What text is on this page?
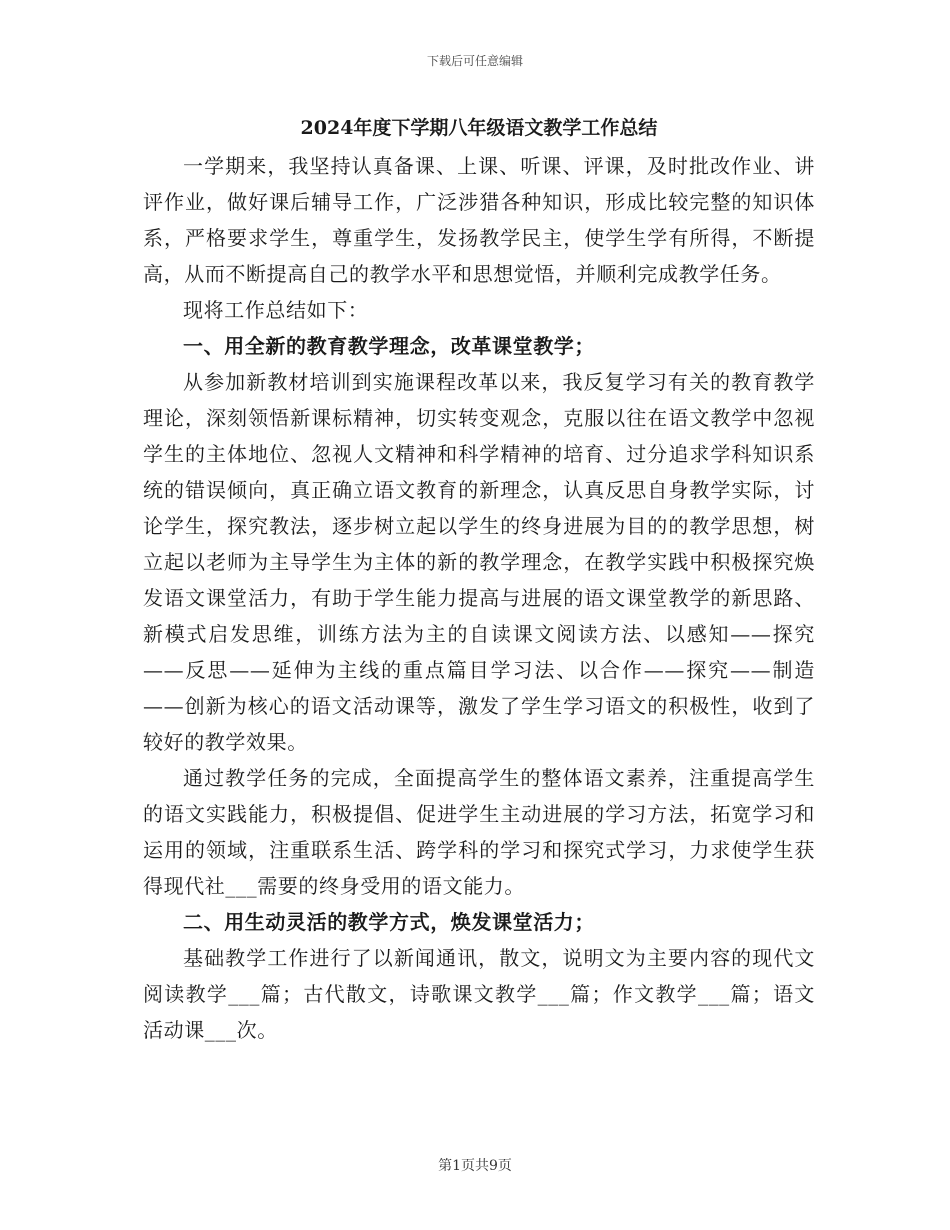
下载后可任意编辑
2024年度下学期八年级语文教学工作总结

一学期来，我坚持认真备课、上课、听课、评课，及时批改作业、讲评作业，做好课后辅导工作，广泛涉猎各种知识，形成比较完整的知识体系，严格要求学生，尊重学生，发扬教学民主，使学生学有所得，不断提高，从而不断提高自己的教学水平和思想觉悟，并顺利完成教学任务。

现将工作总结如下：

一、用全新的教育教学理念，改革课堂教学；

从参加新教材培训到实施课程改革以来，我反复学习有关的教育教学理论，深刻领悟新课标精神，切实转变观念，克服以往在语文教学中忽视学生的主体地位、忽视人文精神和科学精神的培育、过分追求学科知识系统的错误倾向，真正确立语文教育的新理念，认真反思自身教学实际，讨论学生，探究教法，逐步树立起以学生的终身进展为目的的教学思想，树立起以老师为主导学生为主体的新的教学理念，在教学实践中积极探究焕发语文课堂活力，有助于学生能力提高与进展的语文课堂教学的新思路、新模式启发思维，训练方法为主的自读课文阅读方法、以感知——探究——反思——延伸为主线的重点篇目学习法、以合作——探究——制造——创新为核心的语文活动课等，激发了学生学习语文的积极性，收到了较好的教学效果。

通过教学任务的完成，全面提高学生的整体语文素养，注重提高学生的语文实践能力，积极提倡、促进学生主动进展的学习方法，拓宽学习和运用的领域，注重联系生活、跨学科的学习和探究式学习，力求使学生获得现代社___需要的终身受用的语文能力。

二、用生动灵活的教学方式，焕发课堂活力；

基础教学工作进行了以新闻通讯，散文，说明文为主要内容的现代文阅读教学___篇；古代散文，诗歌课文教学___篇；作文教学___篇；语文活动课___次。

第1页共9页
